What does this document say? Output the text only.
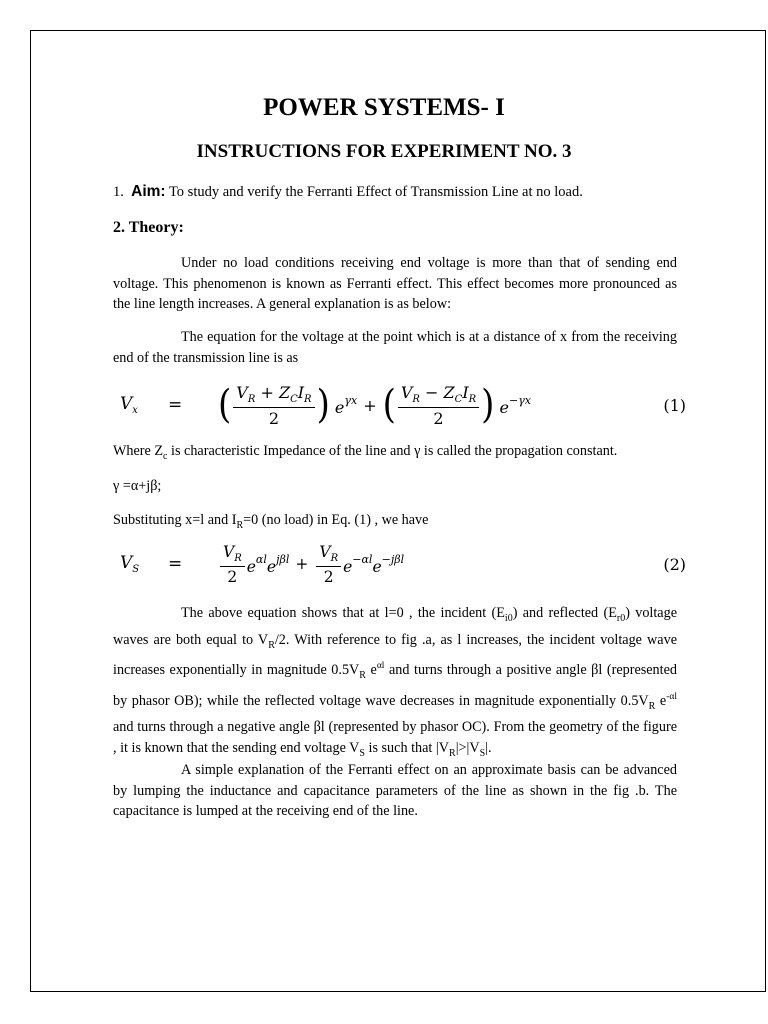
POWER SYSTEMS- I
INSTRUCTIONS FOR EXPERIMENT NO. 3

1. Aim: To study and verify the Ferranti Effect of Transmission Line at no load.

2. Theory:

Under no load conditions receiving end voltage is more than that of sending end voltage. This phenomenon is known as Ferranti effect. This effect becomes more pronounced as the line length increases. A general explanation is as below:

The equation for the voltage at the point which is at a distance of x from the receiving end of the transmission line is as

$V_x$	=	( $\frac{V_R + Z_CI_R}{2}$ ) $e^{\gamma x}$ + ( $\frac{V_R - Z_CI_R}{2}$ ) $e^{-\gamma x}$	(1)

Where $Z_c$ is characteristic Impedance of the line and γ is called the propagation constant.

γ =α+jβ;

Substituting x=l and $I_R=0$ (no load) in Eq. (1) , we have

$V_S$	=	$\frac{V_R}{2} e^{\alpha l}e^{j\beta l} + \frac{V_R}{2} e^{-\alpha l}e^{-j\beta l}$	(2)

The above equation shows that at l=0 , the incident $(E_{i0})$ and reflected $(E_{r0})$ voltage waves are both equal to $V_R/2$. With reference to fig .a, as l increases, the incident voltage wave increases exponentially in magnitude $0.5V_R$ $e^{\alpha l}$ and turns through a positive angle βl (represented by phasor OB); while the reflected voltage wave decreases in magnitude exponentially $0.5V_R$ $e^{-\alpha l}$ and turns through a negative angle βl (represented by phasor OC). From the geometry of the figure , it is known that the sending end voltage $V_S$ is such that $|V_R|>|V_S|$.

A simple explanation of the Ferranti effect on an approximate basis can be advanced by lumping the inductance and capacitance parameters of the line as shown in the fig .b. The capacitance is lumped at the receiving end of the line.
